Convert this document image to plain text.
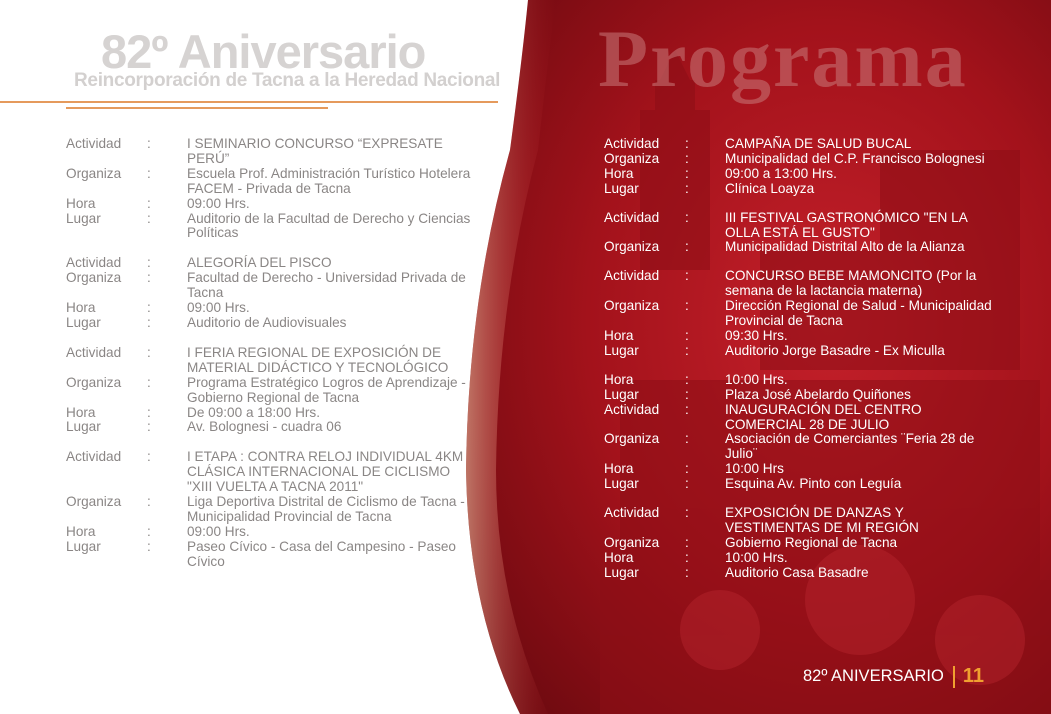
82º Aniversario
Reincorporación de Tacna a la Heredad Nacional Programa
Actividad :	I SEMINARIO CONCURSO “EXPRESATE PERÚ”
Organiza :	Escuela Prof. Administración Turístico Hotelera FACEM - Privada de Tacna
Hora	:	09:00 Hrs.
Lugar	:	Auditorio de la Facultad de Derecho y Ciencias Políticas
Actividad :	ALEGORÍA DEL PISCO
Organiza :	Facultad de Derecho - Universidad Privada de Tacna
Hora	:	09:00 Hrs.
Lugar	:	Auditorio de Audiovisuales
Actividad :	I FERIA REGIONAL DE EXPOSICIÓN DE MATERIAL DIDÁCTICO Y TECNOLÓGICO
Organiza :	Programa Estratégico Logros de Aprendizaje - Gobierno Regional de Tacna
Hora	:	De 09:00 a 18:00 Hrs.
Lugar	:	Av. Bolognesi - cuadra 06
Actividad :	I ETAPA : CONTRA RELOJ INDIVIDUAL 4KM CLÁSICA INTERNACIONAL DE CICLISMO "XIII VUELTA A TACNA 2011"
Organiza :	Liga Deportiva Distrital de Ciclismo de Tacna - Municipalidad Provincial de Tacna
Hora	:	09:00 Hrs.
Lugar	:	Paseo Cívico - Casa del Campesino - Paseo Cívico
Actividad :	CAMPAÑA DE SALUD BUCAL
Organiza :	Municipalidad del C.P. Francisco Bolognesi
Hora	:	09:00 a 13:00 Hrs.
Lugar	:	Clínica Loayza
Actividad :	III FESTIVAL GASTRONÓMICO "EN LA OLLA ESTÁ EL GUSTO"
Organiza :	Municipalidad Distrital Alto de la Alianza
Actividad :	CONCURSO BEBE MAMONCITO (Por la semana de la lactancia materna)
Organiza :	Dirección Regional de Salud - Municipalidad Provincial de Tacna
Hora	:	09:30 Hrs.
Lugar	:	Auditorio Jorge Basadre - Ex Miculla
Hora	:	10:00 Hrs.
Lugar	:	Plaza José Abelardo Quiñones
Actividad :	INAUGURACIÓN DEL CENTRO COMERCIAL 28 DE JULIO
Organiza :	Asociación de Comerciantes ¨Feria 28 de Julio¨
Hora	:	10:00 Hrs
Lugar	:	Esquina Av. Pinto con Leguía
Actividad :	EXPOSICIÓN DE DANZAS Y VESTIMENTAS DE MI REGIÓN
Organiza :	Gobierno Regional de Tacna
Hora	:	10:00 Hrs.
Lugar	:	Auditorio Casa Basadre
82º ANIVERSARIO 11
